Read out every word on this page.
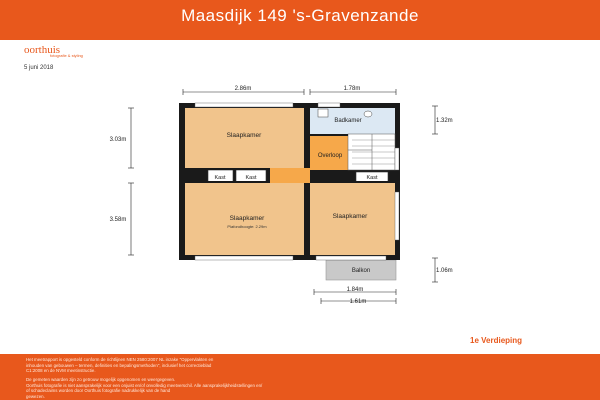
Maasdijk 149 's-Gravenzande
oorthuis
fotografie & styling
5 juni 2018
2.86m	1.78m
3.03m
3.58m
1.32m
1.06m
1.84m
1.61m
Slaapkamer
Slaapkamer
Plafondhoogte: 2.29m
Slaapkamer
Badkamer
Overloop
Kast	Kast	Kast
Balkon
1e Verdieping

Het meetrapport is opgesteld conform de richtlijnen NEN 2580:2007 NL inzake "Oppervlakten en

inhouden van gebouwen – termen, definities en bepalingsmethoden", inclusief het correctieblad

C1:2008 en de NVM meetinstructie.

De gemeten waarden zijn zo getrouw mogelijk opgenomen en weergegeven.

Oorthuis fotografie is niet aansprakelijk voor een onjuist en/of onvolledig meetverschil. Alle aansprakelijkheidstellingen en/

of schadeclaims worden door Oorthuis fotografie nadrukkelijk van de hand

gewezen.
